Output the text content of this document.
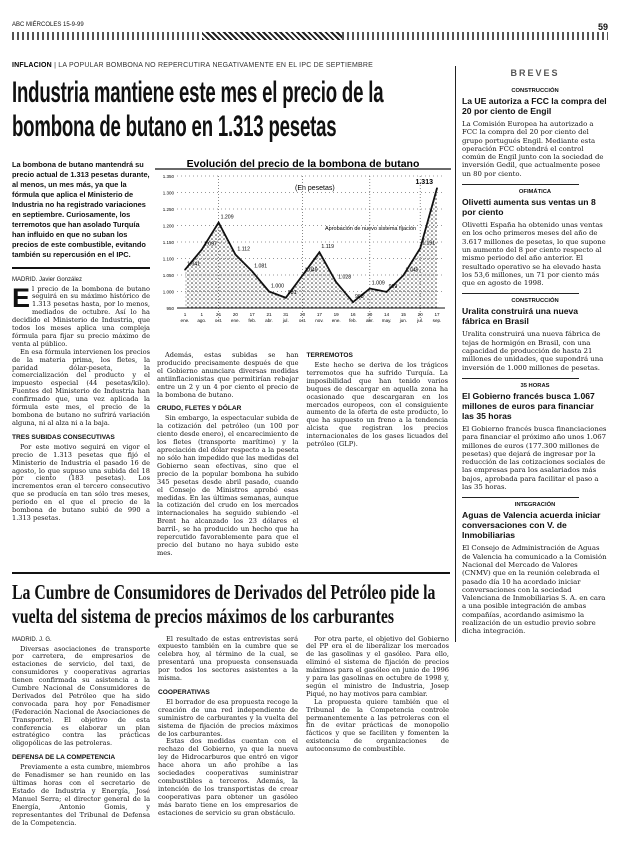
ABC MIÉRCOLES 15-9-99	59
INFLACIÓN | LA POPULAR BOMBONA NO REPERCUTIRÁ NEGATIVAMENTE EN EL IPC DE SEPTIEMBRE
Industria mantiene este mes el precio de la bombona de butano en 1.313 pesetas
La bombona de butano mantendrá su precio actual de 1.313 pesetas durante, al menos, un mes más, ya que la fórmula que aplica el Ministerio de Industria no ha registrado variaciones en septiembre. Curiosamente, los terremotos que han asolado Turquía han influido en que no suban los precios de este combustible, evitando también su repercusión en el IPC.
MADRID. Javier González
E l precio de la bombona de butano seguirá en su máximo histórico de 1.313 pesetas hasta, por lo menos, mediados de octubre. Así lo ha decidido el Ministerio de Industria, que todos los meses aplica una compleja fórmula para fijar su precio máximo de venta al público.

En esa fórmula intervienen los precios de la materia prima, los fletes, la paridad dólar-peseta, la comercialización del producto y el impuesto especial (44 pesetas/kilo). Fuentes del Ministerio de Industria han confirmado que, una vez aplicada la fórmula este mes, el precio de la bombona de butano no sufrirá variación alguna, ni al alza ni a la baja.

TRES SUBIDAS CONSECUTIVAS

Por este motivo seguirá en vigor el precio de 1.313 pesetas que fijó el Ministerio de Industria el pasado 16 de agosto, lo que supuso una subida del 18 por ciento (183 pesetas). Los incrementos eran el tercero consecutivo que se producía en tan sólo tres meses, periodo en el que el precio de la bombona de butano subió de 990 a 1.313 pesetas.

Evolución del precio de la bombona de butano
(En pesetas)
Aprobación de nuevo sistema fijación
950
1.000
1.050
1.100
1.150
1.200
1.250
1.300
1.350
1.041
1.097
1.209
1.112
1.081
1.000
981
1.049
1.119
1.028
968
1.009
999
1.049
1.191
1.313
1
ene.
1
ago.
21
oct.
20
ene.
17
feb.
21
abr.
31
jul.
20
oct.
17
nov.
19
ene.
16
feb.
20
abr.
14
may.
15
jun.
20
jul.
17
sep.

Además, estas subidas se han producido precisamente después de que el Gobierno anunciara diversas medidas antiinflacionistas que permitirían rebajar entre un 2 y un 4 por ciento el precio de la bombona de butano.

CRUDO, FLETES Y DÓLAR

Sin embargo, la espectacular subida de la cotización del petróleo (un 100 por ciento desde enero), el encarecimiento de los fletes (transporte marítimo) y la apreciación del dólar respecto a la peseta no sólo han impedido que las medidas del Gobierno sean efectivas, sino que el precio de la popular bombona ha subido 345 pesetas desde abril pasado, cuando el Consejo de Ministros aprobó esas medidas. En las últimas semanas, aunque la cotización del crudo en los mercados internacionales ha seguido subiendo -el Brent ha alcanzado los 23 dólares el barril-, se ha producido un hecho que ha repercutido favorablemente para que el precio del butano no haya subido este mes.

TERREMOTOS

Este hecho se deriva de los trágicos terremotos que ha sufrido Turquía. La imposibilidad que han tenido varios buques de descargar en aquella zona ha ocasionado que descargaran en los mercados europeos, con el consiguiente aumento de la oferta de este producto, lo que ha supuesto un freno a la tendencia alcista que registran los precios internacionales de los gases licuados del petróleo (GLP).

La Cumbre de Consumidores de Derivados del Petróleo pide la vuelta del sistema de precios máximos de los carburantes
MADRID. J. G.

Diversas asociaciones de transporte por carretera, de empresarios de estaciones de servicio, del taxi, de consumidores y cooperativas agrarias tienen confirmada su asistencia a la Cumbre Nacional de Consumidores de Derivados del Petróleo que ha sido convocada para hoy por Fenadismer (Federación Nacional de Asociaciones de Transporte). El objetivo de esta conferencia es elaborar un plan estratégico contra las prácticas oligopólicas de las petroleras.

DEFENSA DE LA COMPETENCIA

Previamente a esta cumbre, miembros de Fenadismer se han reunido en las últimas horas con el secretario de Estado de Industria y Energía, José Manuel Serra; el director general de la Energía, Antonio Gomis, y representantes del Tribunal de Defensa de la Competencia.

El resultado de estas entrevistas será expuesto también en la cumbre que se celebra hoy, al término de la cual, se presentará una propuesta consensuada por todos los sectores asistentes a la misma.

COOPERATIVAS

El borrador de esa propuesta recoge la creación de una red independiente de suministro de carburantes y la vuelta del sistema de fijación de precios máximos de los carburantes.

Estas dos medidas cuentan con el rechazo del Gobierno, ya que la nueva ley de Hidrocarburos que entró en vigor hace ahora un año prohíbe a las sociedades cooperativas suministrar combustibles a terceros. Además, la intención de los transportistas de crear cooperativas para obtener un gasóleo más barato tiene en los empresarios de estaciones de servicio su gran obstáculo.

Por otra parte, el objetivo del Gobierno del PP era el de liberalizar los mercados de las gasolinas y el gasóleo. Para ello, eliminó el sistema de fijación de precios máximos para el gasóleo en junio de 1996 y para las gasolinas en octubre de 1998 y, según el ministro de Industria, Josep Piqué, no hay motivos para cambiar.

La propuesta quiere también que el Tribunal de la Competencia controle permanentemente a las petroleras con el fin de evitar prácticas de monopolio fácticos y que se faciliten y fomenten la existencia de organizaciones de autoconsumo de combustible.

BREVES
CONSTRUCCIÓN
La UE autoriza a FCC la compra del 20 por ciento de Engil
La Comisión Europea ha autorizado a FCC la compra del 20 por ciento del grupo portugués Engil. Mediante esta operación FCC obtendrá el control común de Engil junto con la sociedad de inversión Gedil, que actualmente posee un 80 por ciento.
OFIMÁTICA
Olivetti aumenta sus ventas un 8 por ciento
Olivetti España ha obtenido unas ventas en los ocho primeros meses del año de 3.617 millones de pesetas, lo que supone un aumento del 8 por ciento respecto al mismo periodo del año anterior. El resultado operativo se ha elevado hasta los 53,6 millones, un 71 por ciento más que en agosto de 1998.
CONSTRUCCIÓN
Uralita construirá una nueva fábrica en Brasil
Uralita construirá una nueva fábrica de tejas de hormigón en Brasil, con una capacidad de producción de hasta 21 millones de unidades, que supondrá una inversión de 1.000 millones de pesetas.
35 HORAS
El Gobierno francés busca 1.067 millones de euros para financiar las 35 horas
El Gobierno francés busca financiaciones para financiar el próximo año unos 1.067 millones de euros (177.300 millones de pesetas) que dejará de ingresar por la reducción de las cotizaciones sociales de las empresas para los asalariados más bajos, aprobada para facilitar el paso a las 35 horas.
INTEGRACIÓN
Aguas de Valencia acuerda iniciar conversaciones con V. de Inmobiliarias
El Consejo de Administración de Aguas de Valencia ha comunicado a la Comisión Nacional del Mercado de Valores (CNMV) que en la reunión celebrada el pasado día 10 ha acordado iniciar conversaciones con la sociedad Valenciana de Inmobiliarias S. A. en cara a una posible integración de ambas compañías, acordando asimismo la realización de un estudio previo sobre dicha integración.
